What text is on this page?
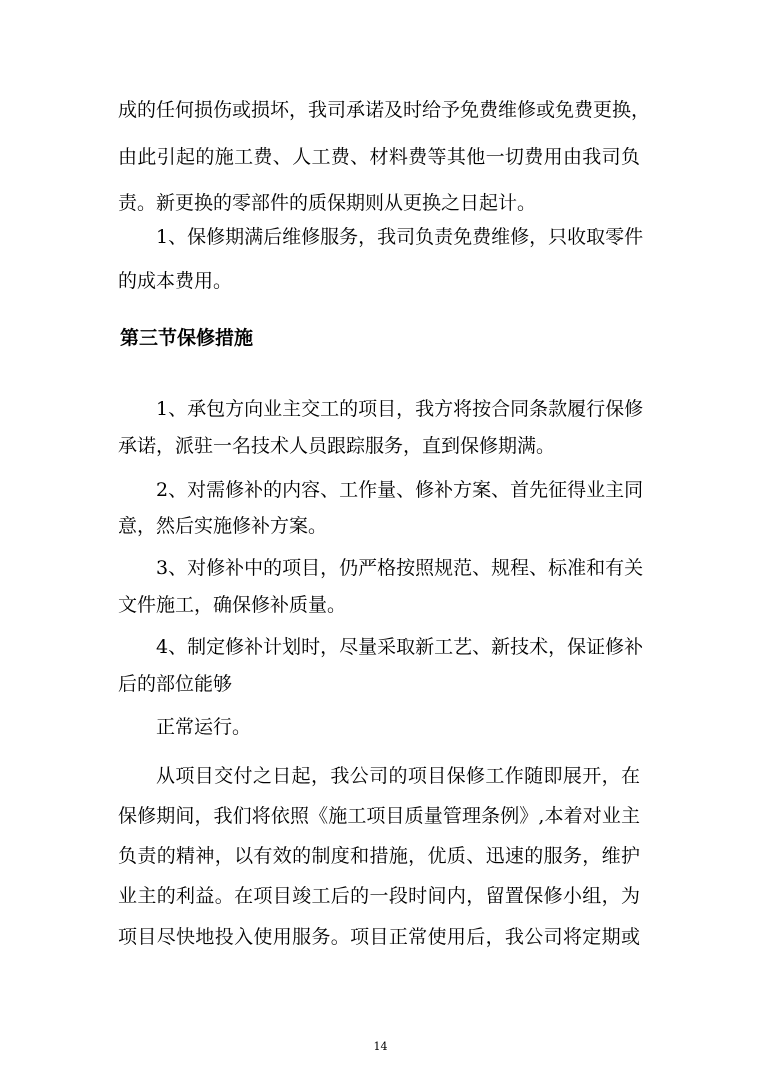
成的任何损伤或损坏，我司承诺及时给予免费维修或免费更换，
由此引起的施工费、人工费、材料费等其他一切费用由我司负
责。新更换的零部件的质保期则从更换之日起计。
1、保修期满后维修服务，我司负责免费维修，只收取零件
的成本费用。
第三节保修措施
1、承包方向业主交工的项目，我方将按合同条款履行保修
承诺，派驻一名技术人员跟踪服务，直到保修期满。
2、对需修补的内容、工作量、修补方案、首先征得业主同
意，然后实施修补方案。
3、对修补中的项目，仍严格按照规范、规程、标准和有关
文件施工，确保修补质量。
4、制定修补计划时，尽量采取新工艺、新技术，保证修补
后的部位能够
正常运行。
从项目交付之日起，我公司的项目保修工作随即展开，在
保修期间，我们将依照《施工项目质量管理条例》,本着对业主
负责的精神，以有效的制度和措施，优质、迅速的服务，维护
业主的利益。在项目竣工后的一段时间内，留置保修小组，为
项目尽快地投入使用服务。项目正常使用后，我公司将定期或
14
